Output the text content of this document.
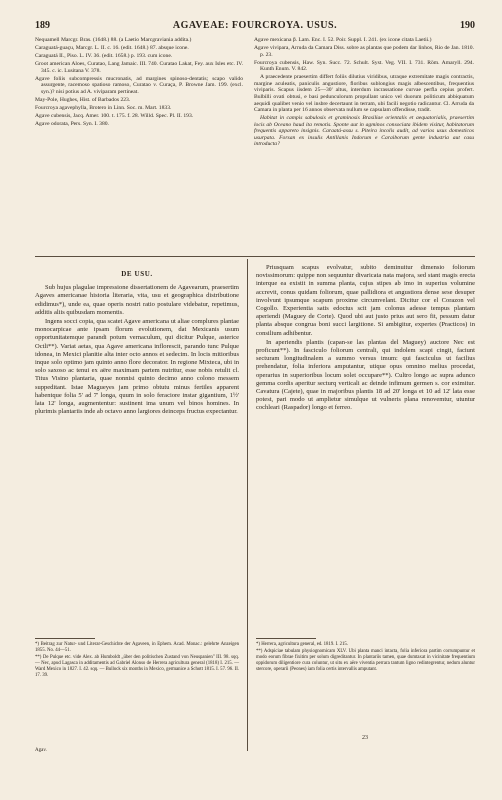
189	AGAVEAE: FOURCROYA. USUS.	190

Nequamell Marcgr. Bras. (1648.) 88. (a Laetio Marcgraviania addita.)

Caraguatá-guaçu, Marcgr. L. II. c. 16. (edit. 1648.) 87. absque icone.

Caraguatá II., Piso. L. IV. 36. (edit. 1658.) p. 193. cum icone.

Groot american Aloes, Curatao, Lang Jamaic. III. 740. Curatao Lakat, Fey. aux Isles etc. IV. 345. c. ic. Lusitana V. 378.

Agave foliis subcompressis mucronatis, ad margines spinoso-dentatis; scapo valido assurgente, racemoso spatioso ramoso, Curatao v. Curaça, P. Browne Jam. 199. (excl. syn.)? nisi potius ad A. viviparam pertineat.

May-Pole, Hughes, Hist. of Barbados 223.

Fourcroya agavephylla, Brotero in Linn. Soc. m. Mart. 1833.

Agave cubensis, Jacq. Amer. 100. t. 175. f. 28. Willd. Spec. Pl. II. 193.

Agave odorata, Pers. Syn. I. 380.

Agave mexicana β. Lam. Enc. I. 52. Poir. Suppl. I. 241. (ex icone citata Laetii.)

Agave vivipara, Arruda da Camara Diss. sobre as plantas que podem dar linhos, Rio de Jan. 1810. p. 23.

Fourcroya cubensis, Haw. Syn. Succ. 72. Schult. Syst. Veg. VII. I. 731. Röm. Amaryll. 294. Kunth Enum. V. 842.

A praecedente praesertim differt foliis dilutius viridibus, utraque extremitate magis contractis, margine aculeatis, paniculis angustiore, floribus sublongius magis albescentibus, frequentius viviparis. Scapus iisdem 25—30' altus, interdum incrassatione curvae perfla cepius profert. Bulbilli ovati obtusi, e basi pedunculorum propullant unico vel duorum politicum abbiquatum aequidi qualibet venio vel insbre decertaunt in terram, ubi facili negotio radicantur. Cl. Arruda da Camara in planta per 16 annos observata nullum se capsulam offendisse, tradit.

Habitat in campis sabulosis et graminosis Brasiliae orientalis et aequatorialis, praesertim locis ab Oceano haud ita remotis. Sponte aut in agminos consociata ibidem visitur, habitatorum frequentis appareto insignis. Caraatá-assu s. Piteira incolis audit, ad varios usus domesticos usurpata. Forsan ex insulis Antillanis Indorum e Caraiborum gente industria aut casu introducta?

DE USU.

Sub hujus plagulae impressione dissertationem de Agavearum, praesertim Agaves americanae historia literaria, vita, usu et geographica distributione edidimus*), unde ea, quae operis nostri ratio postulare videbatur, repetimus, additis aliis quibusdam momentis.

Ingens socci copia, qua scatet Agave americana ut aliae complures plantae monocarpicae ante ipsam florum evolutionem, dat Mexicanis usum opportunitatemque parandi potum vernaculum, qui dicitur Pulque, asterice Octli**). Variat aetas, qua Agave americana inflorescit, parando tunc Pulque idonea, in Mexici planitie alta inter octo annos et sedecim. In locis mitioribus inque solo optimo jam quinto anno flore decorator. In regione Mixteca, ubi in solo saxoso ac tenui ex aëre maximam partem nutritur, esse nobis retulit cl. Titus Visino plantaria, quae nonnisi quinto decimo anno colono messem suppeditant. Istae Magueyes jam primo obtutu minus fertiles apparent habentque folia 5' ad 7' longa, quum in solo feraciore instar gigantium, 1½' lata 12' longa, augmententur: sustinent ima unum vel binos homines. In plurimis plantariis inde ab octavo anno largiores deinceps fructus expectantur.

Priusquam scapus evolvatur, subito deminuitur dimensio foliorum novissimorum: quippe non sequuntur divaricata nata majora, sed stant magis erecta interque ea existit in summa planta, cujus stipes ab imo in superius volumine accrevit, conus quidam foliorum, quae pallidiora et angustiora dense sese desuper involvunt ipsumque scapum proxime circumvelant. Dicitur cor el Corazon vel Cogollo. Experientia satis edoctus scit jam colonus adesse tempus plantam aperiendi (Maguey de Corte). Quod ubi aut justo prius aut sero fit, pessum datur planta absque congrua boni succi largitione. Si ambigitur, expertes (Practicos) in consilium adhibentur.

In aperiendis plantis (capan-se las plantas del Maguey) auctore Nec est proficunt**). In fasciculo foliorum centrali, qui indolem scapi cingit, faciunt secturam longitudinalem a summo versus imum: qui fasciculus ut facilius prehendatur, folia inferiora amputantur, utique opus omnino melius procedat, operarius in superioribus locum solet occupare**). Cultro longo ac supra adunco gemma cordis aperitur secturq verticali ac deinde infimum germen s. cor eximitur. Cavatura (Cajete), quae in majoribus plantis 18 ad 20' longa et 10 ad 12' lata esse potest, pari modo ut amplietur simulque ut vulneris plana renovemtur, utuntur cochleari (Raspador) longo et ferreo.

*) Beitrag zur Natur- und Literar-Geschichte der Agaveen, in Ephem. Acad. Monac.: gelehrte Anzeigen 1855. No. 44—51.

**) De Pulque etc. vide Alex. ab Humboldt „über den politischen Zustand von Neuspanien" III. 98. sqq. — Nec, apud Lagasca in additamentis ad Gabriel Alonso de Herrera agricultura general (1818) I. 215. — Ward Mexico in 1827. I. 42. sqq. — Bullock six months in Mexico, germanice a Schott 1815. I. 57. 96. II. 17. 39.

*) Herrera, agricultura general, ed. 1819. I. 215.

**) Adspiciae tabulam physiognomicam XLV. Ubi planta manci intacta, folia inferiora partim corrumpuntur et modo eorum fibrae fixitim per solum digreditantur. In plantariis tamen, quae dumtaxat in vicinitate frequentium oppidorum diligentiore cura coluntur, ut situ ex aëre viventia perrara tantum ligno redintegrentur, nedum aluntur stercore, operarii (Peones) iam folia certis intervallis amputant.

Agav.
23
